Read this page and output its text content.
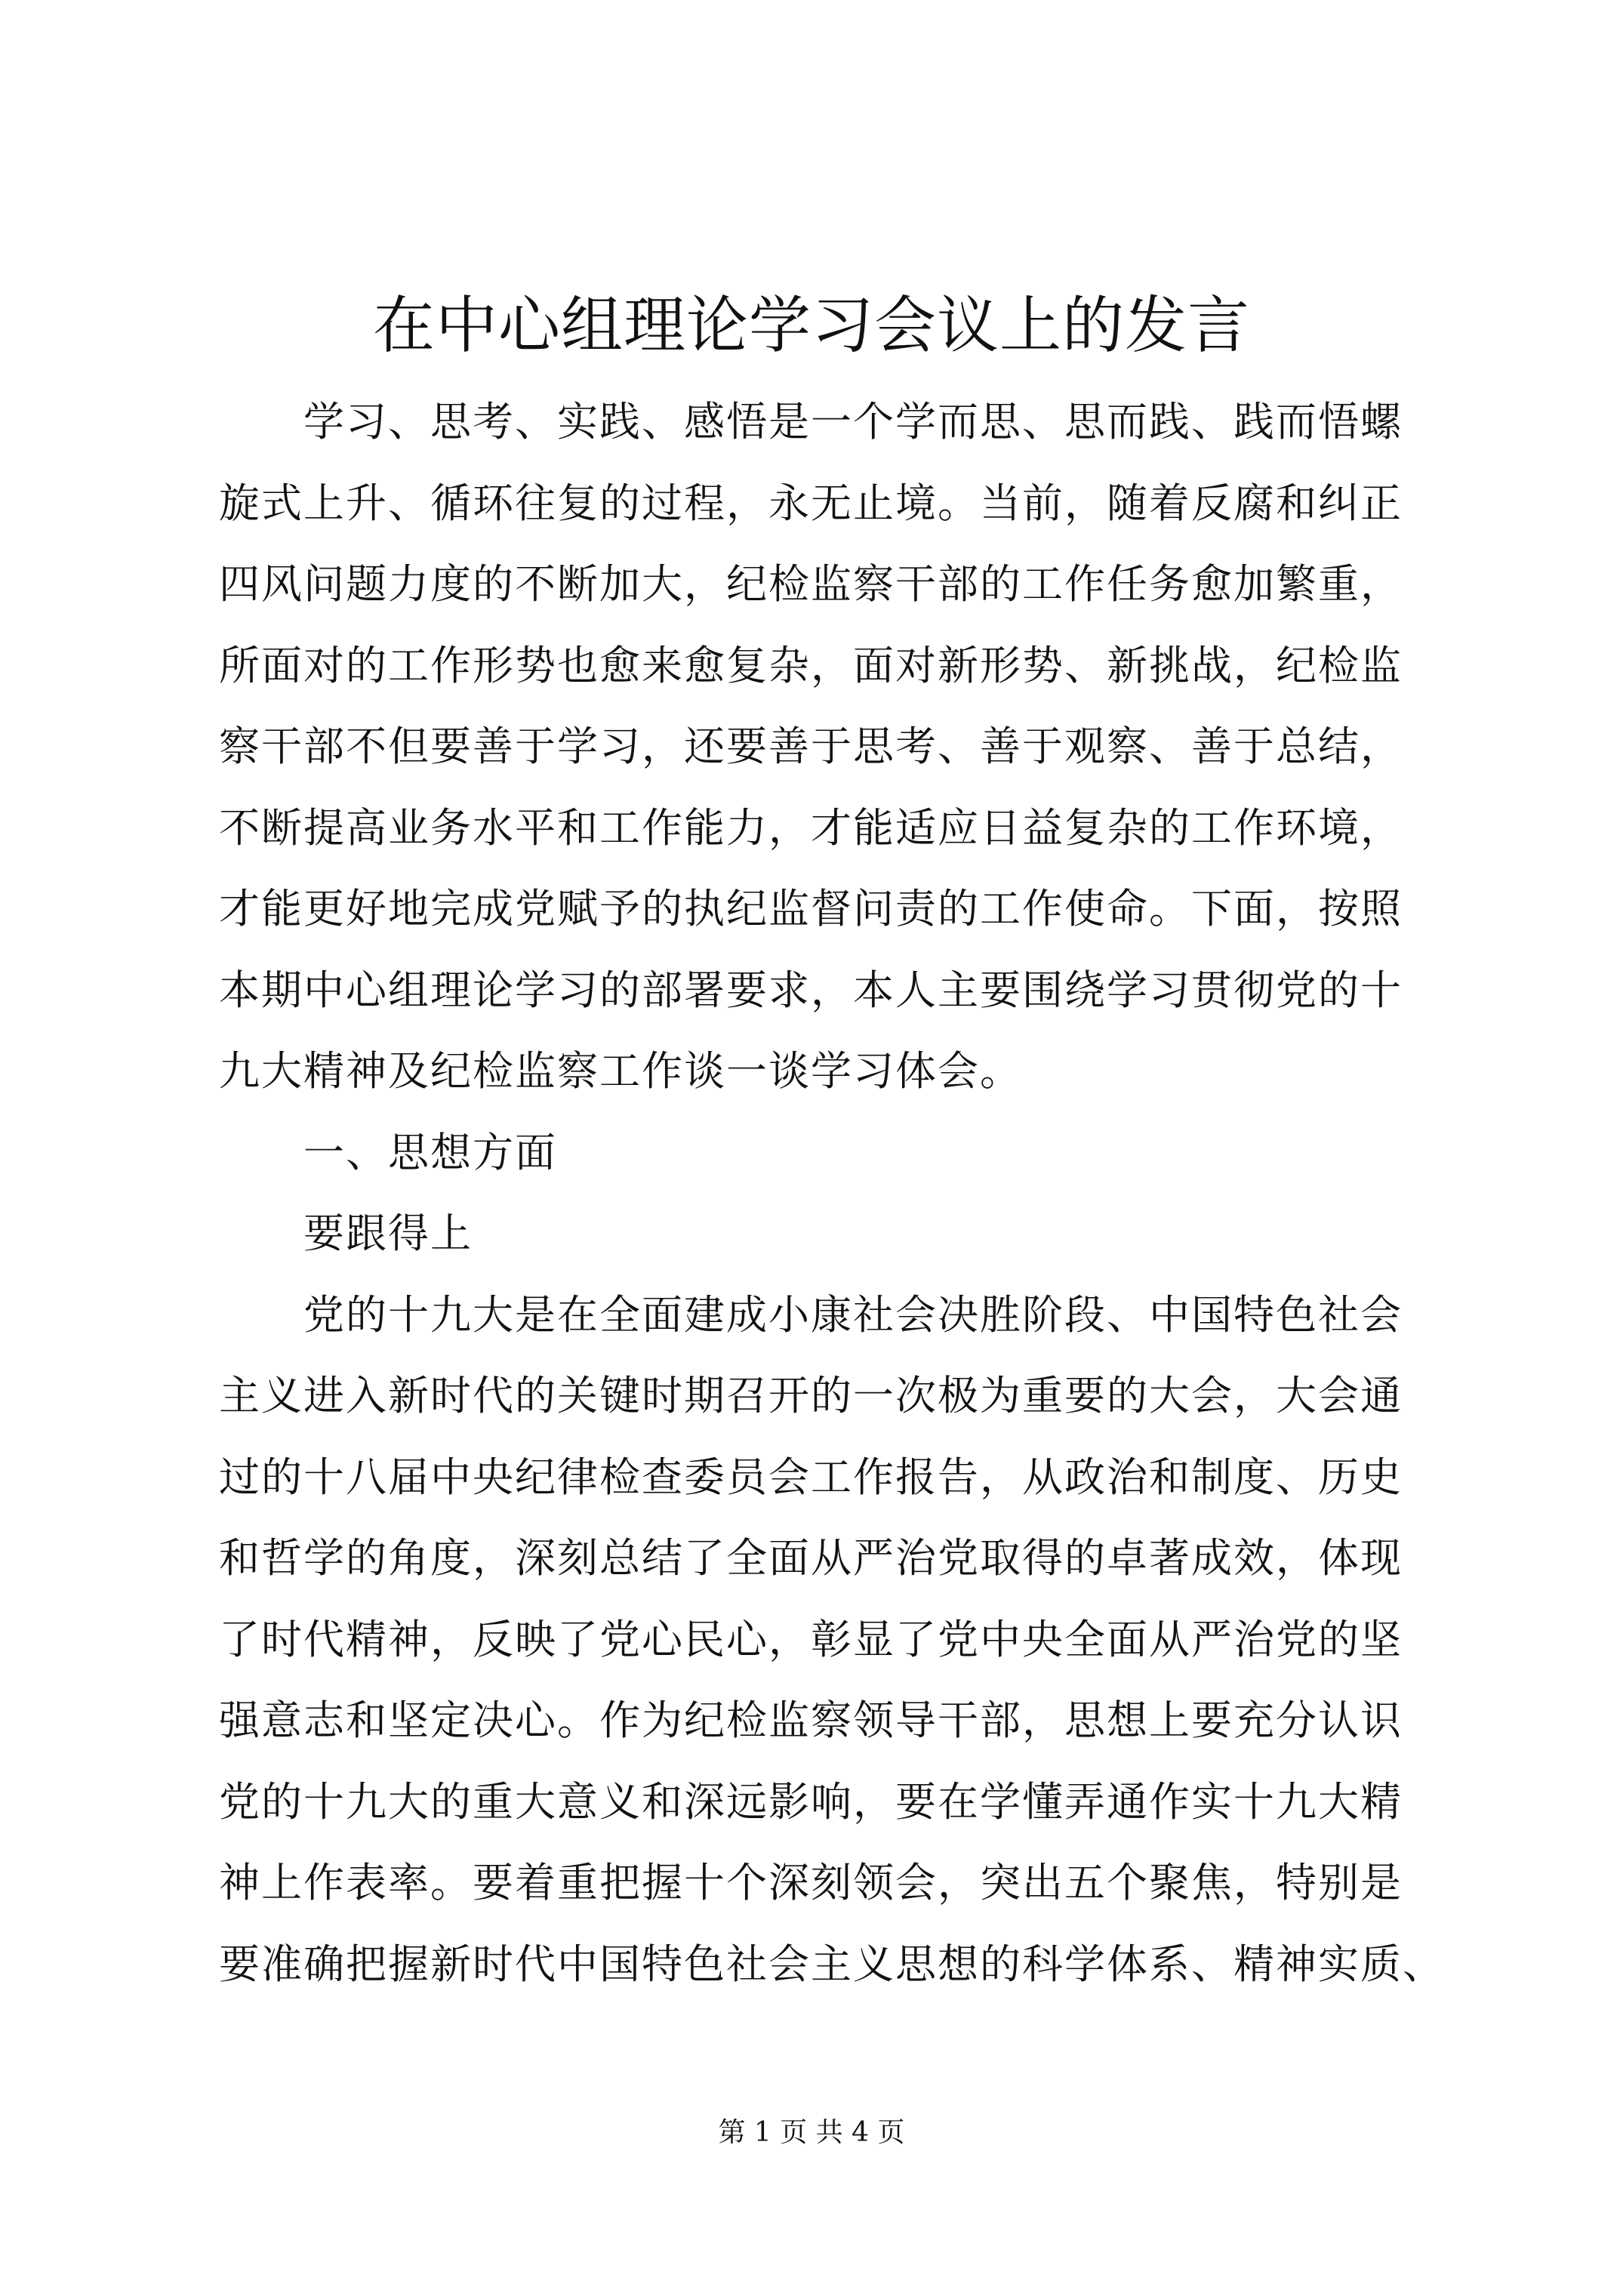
在中心组理论学习会议上的发言
　　学习、思考、实践、感悟是一个学而思、思而践、践而悟螺
旋式上升、循环往复的过程，永无止境。当前，随着反腐和纠正
四风问题力度的不断加大，纪检监察干部的工作任务愈加繁重，
所面对的工作形势也愈来愈复杂，面对新形势、新挑战，纪检监
察干部不但要善于学习，还要善于思考、善于观察、善于总结，
不断提高业务水平和工作能力，才能适应日益复杂的工作环境，
才能更好地完成党赋予的执纪监督问责的工作使命。下面，按照
本期中心组理论学习的部署要求，本人主要围绕学习贯彻党的十
九大精神及纪检监察工作谈一谈学习体会。
　　一、思想方面
　　要跟得上
　　党的十九大是在全面建成小康社会决胜阶段、中国特色社会
主义进入新时代的关键时期召开的一次极为重要的大会，大会通
过的十八届中央纪律检查委员会工作报告，从政治和制度、历史
和哲学的角度，深刻总结了全面从严治党取得的卓著成效，体现
了时代精神，反映了党心民心，彰显了党中央全面从严治党的坚
强意志和坚定决心。作为纪检监察领导干部，思想上要充分认识
党的十九大的重大意义和深远影响，要在学懂弄通作实十九大精
神上作表率。要着重把握十个深刻领会，突出五个聚焦，特别是
要准确把握新时代中国特色社会主义思想的科学体系、精神实质、
第 1 页 共 4 页
